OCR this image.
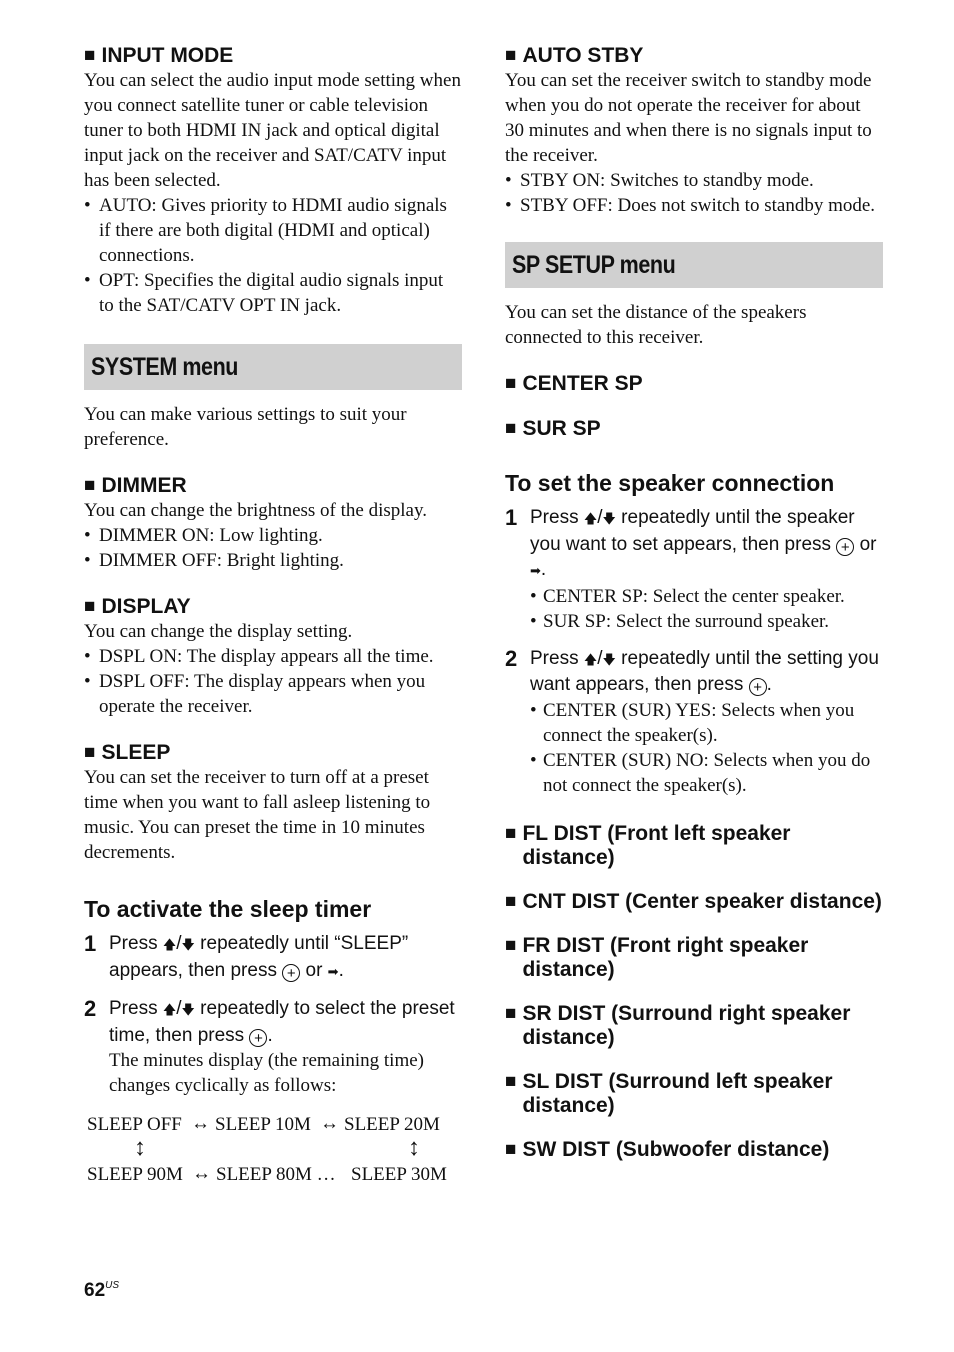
■ INPUT MODE
You can select the audio input mode setting when you connect satellite tuner or cable television tuner to both HDMI IN jack and optical digital input jack on the receiver and SAT/CATV input has been selected.
• AUTO: Gives priority to HDMI audio signals if there are both digital (HDMI and optical) connections.
• OPT: Specifies the digital audio signals input to the SAT/CATV OPT IN jack.
SYSTEM menu
You can make various settings to suit your preference.
■ DIMMER
You can change the brightness of the display.
• DIMMER ON: Low lighting.
• DIMMER OFF: Bright lighting.
■ DISPLAY
You can change the display setting.
• DSPL ON: The display appears all the time.
• DSPL OFF: The display appears when you operate the receiver.
■ SLEEP
You can set the receiver to turn off at a preset time when you want to fall asleep listening to music. You can preset the time in 10 minutes decrements.
To activate the sleep timer
1 Press 🡅/🡇 repeatedly until “SLEEP” appears, then press + or ➡.
2 Press 🡅/🡇 repeatedly to select the preset time, then press + .
The minutes display (the remaining time) changes cyclically as follows:
SLEEP OFF ↔ SLEEP 10M ↔ SLEEP 20M
↕	↕
SLEEP 90M ↔ SLEEP 80M … SLEEP 30M
■ AUTO STBY
You can set the receiver switch to standby mode when you do not operate the receiver for about 30 minutes and when there is no signals input to the receiver.
• STBY ON: Switches to standby mode.
• STBY OFF: Does not switch to standby mode.
SP SETUP menu
You can set the distance of the speakers connected to this receiver.
■ CENTER SP
■ SUR SP
To set the speaker connection
1 Press 🡅/🡇 repeatedly until the speaker you want to set appears, then press + or ➡.
• CENTER SP: Select the center speaker.
• SUR SP: Select the surround speaker.
2 Press 🡅/🡇 repeatedly until the setting you want appears, then press + .
• CENTER (SUR) YES: Selects when you connect the speaker(s).
• CENTER (SUR) NO: Selects when you do not connect the speaker(s).
■ FL DIST (Front left speaker distance)
■ CNT DIST (Center speaker distance)
■ FR DIST (Front right speaker distance)
■ SR DIST (Surround right speaker distance)
■ SL DIST (Surround left speaker distance)
■ SW DIST (Subwoofer distance)
$62^{US}$
